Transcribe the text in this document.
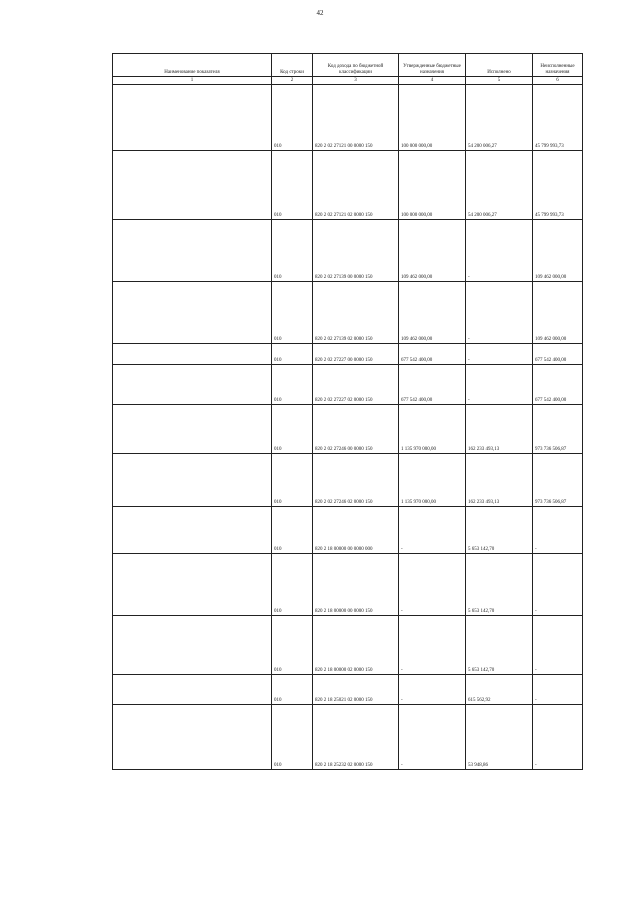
42
Наименование показателя	Код строки	Код дохода по бюджетной классификации	Утвержденные бюджетные назначения	Исполнено	Неисполненные назначения
1	2	3	4	5	6
	010	820 2 02 27121 00 0000 150	100 000 000,00	54 200 006,27	45 799 993,73
	010	820 2 02 27121 02 0000 150	100 000 000,00	54 200 006,27	45 799 993,73
	010	820 2 02 27139 00 0000 150	109 462 000,00	-	109 462 000,00
	010	820 2 02 27139 02 0000 150	109 462 000,00	-	109 462 000,00
	010	820 2 02 27227 00 0000 150	677 542 400,00	-	677 542 400,00
	010	820 2 02 27227 02 0000 150	677 542 400,00	-	677 542 400,00
	010	820 2 02 27246 00 0000 150	1 135 970 000,00	162 233 493,13	973 736 506,87
	010	820 2 02 27246 02 0000 150	1 135 970 000,00	162 233 493,13	973 736 506,87
	010	820 2 18 00000 00 0000 000	-	5 653 142,70	-
	010	820 2 18 00000 00 0000 150	-	5 653 142,70	-
	010	820 2 18 00000 02 0000 150	-	5 653 142,70	-
	010	820 2 18 25021 02 0000 150	-	615 562,92	-
	010	820 2 18 25232 02 0000 150	-	53 948,86	-
